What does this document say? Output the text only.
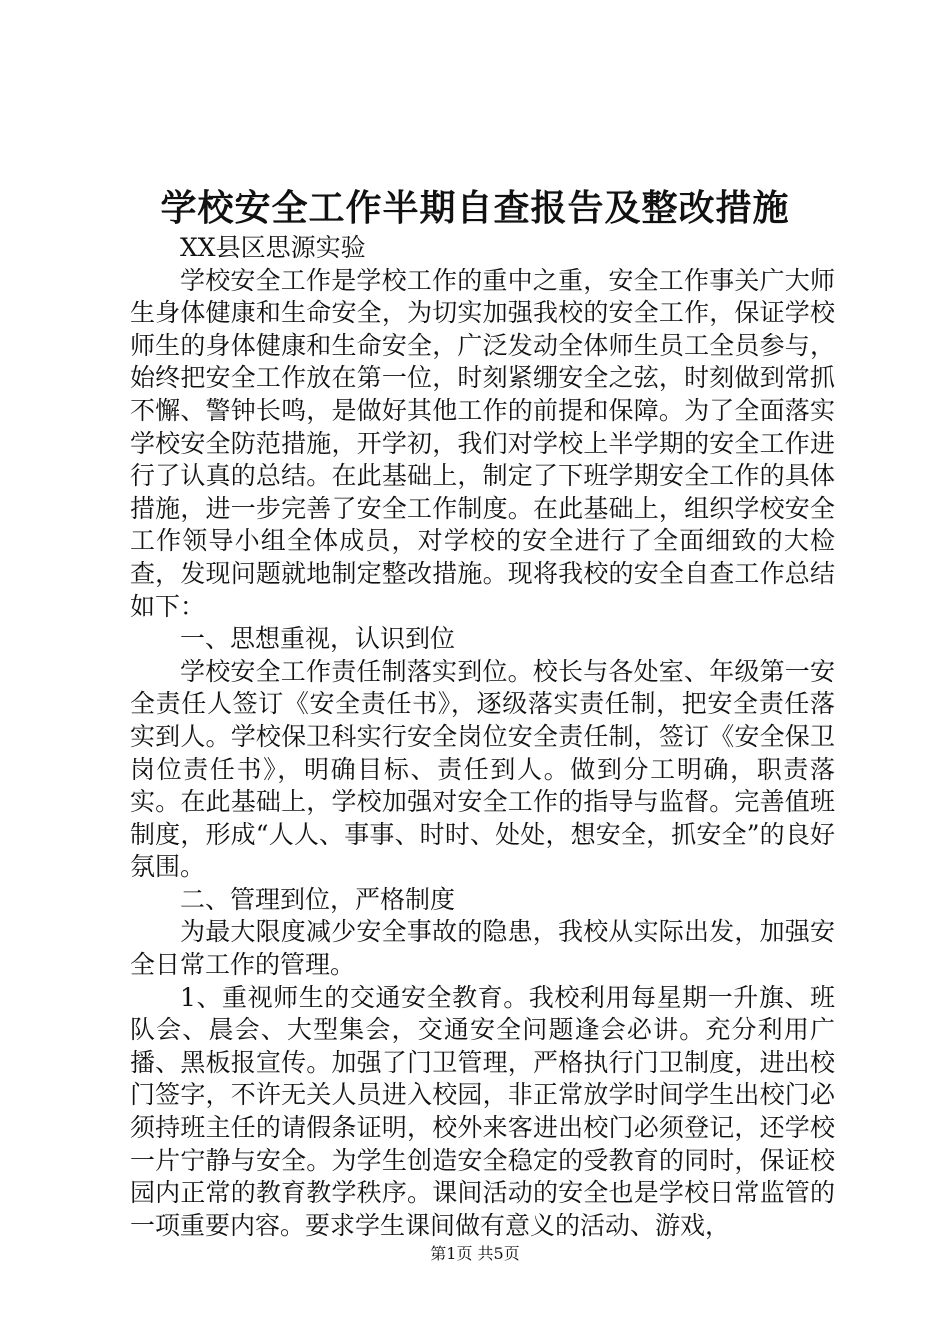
学校安全工作半期自查报告及整改措施

XX县区思源实验

学校安全工作是学校工作的重中之重，安全工作事关广大师生身体健康和生命安全，为切实加强我校的安全工作，保证学校师生的身体健康和生命安全，广泛发动全体师生员工全员参与，始终把安全工作放在第一位，时刻紧绷安全之弦，时刻做到常抓不懈、警钟长鸣，是做好其他工作的前提和保障。为了全面落实学校安全防范措施，开学初，我们对学校上半学期的安全工作进行了认真的总结。在此基础上，制定了下班学期安全工作的具体措施，进一步完善了安全工作制度。在此基础上，组织学校安全工作领导小组全体成员，对学校的安全进行了全面细致的大检查，发现问题就地制定整改措施。现将我校的安全自查工作总结如下：

一、思想重视，认识到位

学校安全工作责任制落实到位。校长与各处室、年级第一安全责任人签订《安全责任书》，逐级落实责任制，把安全责任落实到人。学校保卫科实行安全岗位安全责任制，签订《安全保卫岗位责任书》，明确目标、责任到人。做到分工明确，职责落实。在此基础上，学校加强对安全工作的指导与监督。完善值班制度，形成“人人、事事、时时、处处，想安全，抓安全”的良好氛围。

二、管理到位，严格制度

为最大限度减少安全事故的隐患，我校从实际出发，加强安全日常工作的管理。

1、重视师生的交通安全教育。我校利用每星期一升旗、班队会、晨会、大型集会，交通安全问题逢会必讲。充分利用广播、黑板报宣传。加强了门卫管理，严格执行门卫制度，进出校门签字，不许无关人员进入校园，非正常放学时间学生出校门必须持班主任的请假条证明，校外来客进出校门必须登记，还学校一片宁静与安全。为学生创造安全稳定的受教育的同时，保证校园内正常的教育教学秩序。课间活动的安全也是学校日常监管的一项重要内容。要求学生课间做有意义的活动、游戏，

第1页 共5页
